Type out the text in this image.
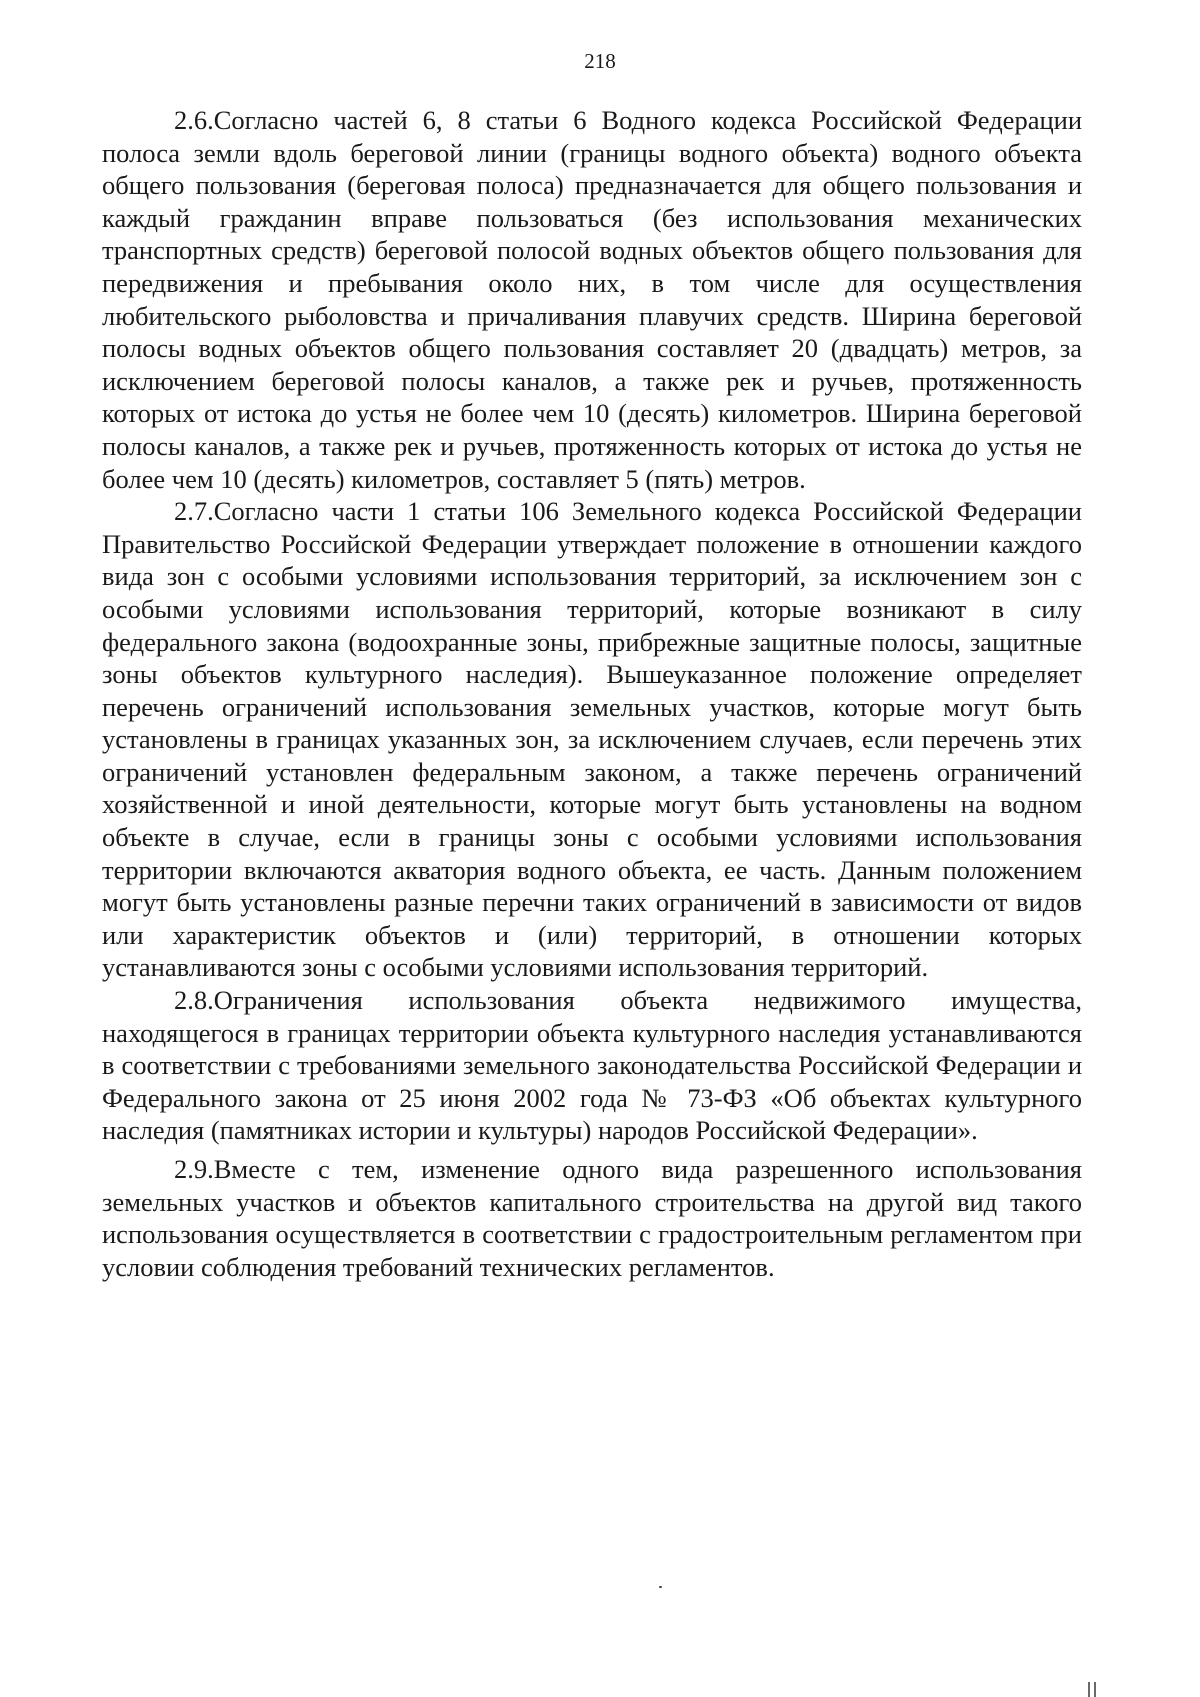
218

2.6.Согласно частей 6, 8 статьи 6 Водного кодекса Российской Федерации полоса земли вдоль береговой линии (границы водного объекта) водного объекта общего пользования (береговая полоса) предназначается для общего пользования и каждый гражданин вправе пользоваться (без использования механических транспортных средств) береговой полосой водных объектов общего пользования для передвижения и пребывания около них, в том числе для осуществления любительского рыболовства и причаливания плавучих средств. Ширина береговой полосы водных объектов общего пользования составляет 20 (двадцать) метров, за исключением береговой полосы каналов, а также рек и ручьев, протяженность которых от истока до устья не более чем 10 (десять) километров. Ширина береговой полосы каналов, а также рек и ручьев, протяженность которых от истока до устья не более чем 10 (десять) километров, составляет 5 (пять) метров.

2.7.Согласно части 1 статьи 106 Земельного кодекса Российской Федерации Правительство Российской Федерации утверждает положение в отношении каждого вида зон с особыми условиями использования территорий, за исключением зон с особыми условиями использования территорий, которые возникают в силу федерального закона (водоохранные зоны, прибрежные защитные полосы, защитные зоны объектов культурного наследия). Вышеуказанное положение определяет перечень ограничений использования земельных участков, которые могут быть установлены в границах указанных зон, за исключением случаев, если перечень этих ограничений установлен федеральным законом, а также перечень ограничений хозяйственной и иной деятельности, которые могут быть установлены на водном объекте в случае, если в границы зоны с особыми условиями использования территории включаются акватория водного объекта, ее часть. Данным положением могут быть установлены разные перечни таких ограничений в зависимости от видов или характеристик объектов и (или) территорий, в отношении которых устанавливаются зоны с особыми условиями использования территорий.

2.8.Ограничения использования объекта недвижимого имущества, находящегося в границах территории объекта культурного наследия устанавливаются в соответствии с требованиями земельного законодательства Российской Федерации и Федерального закона от 25 июня 2002 года № 73-ФЗ «Об объектах культурного наследия (памятниках истории и культуры) народов Российской Федерации».

2.9.Вместе с тем, изменение одного вида разрешенного использования земельных участков и объектов капитального строительства на другой вид такого использования осуществляется в соответствии с градостроительным регламентом при условии соблюдения требований технических регламентов.
